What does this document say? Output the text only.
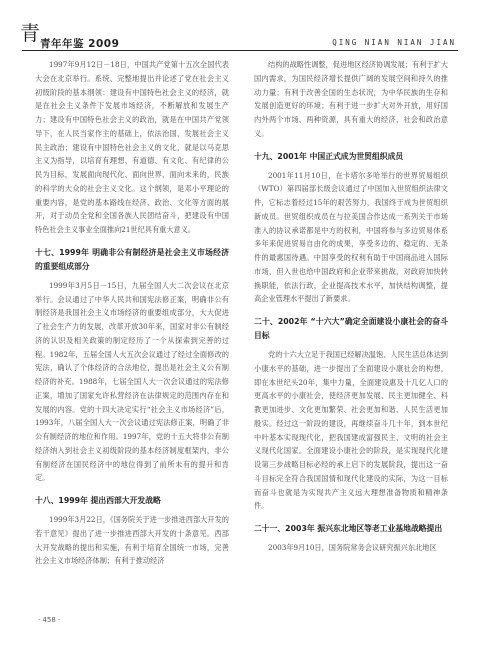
青 青年年鉴 2009	QING NIAN NIAN JIAN
1997年9月12日－18日，中国共产党第十五次全国代表大会在北京举行。系统、完整地提出并论述了党在社会主义初级阶段的基本纲领：建设有中国特色社会主义的经济，就是在社会主义条件下发展市场经济，不断解放和发展生产力；建设有中国特色社会主义的政治，就是在中国共产党领导下，在人民当家作主的基础上，依法治国，发展社会主义民主政治；建设有中国特色社会主义的文化，就是以马克思主义为指导，以培育有理想、有道德、有文化、有纪律的公民为目标，发展面向现代化、面向世界、面向未来的，民族的科学的大众的社会主义文化。这个纲领，是邓小平理论的重要内容，是党的基本路线在经济、政治、文化等方面的展开，对于动员全党和全国各族人民团结奋斗，把建设有中国特色社会主义事业全面推向21世纪具有重大意义。
十七、1999年 明确非公有制经济是社会主义市场经济的重要组成部分
1999年3月5日－15日，九届全国人大二次会议在北京举行。会议通过了中华人民共和国宪法修正案，明确非公有制经济是我国社会主义市场经济的重要组成部分，大大促进了社会生产力的发展，改革开放30年来，国家对非公有制经济的认识及相关政策的制定经历了一个从探索到完善的过程。1982年，五届全国人大五次会议通过了经过全面修改的宪法，确认了个体经济的合法地位，提出是社会主义公有制经济的补充。1988年，七届全国人大一次会议通过的宪法修正案，增加了国家允许私营经济在法律规定的范围内存在和发展的内容。党的十四大决定实行“社会主义市场经济”后，1993年，八届全国人大一次会议通过宪法修正案，明确了非公有制经济的地位和作用。1997年，党的十五大将非公有制经济纳入到社会主义初级阶段的基本经济制度框架内，非公有制经济在国民经济中的地位得到了前所未有的提升和肯定。
十八、1999年 提出西部大开发战略
1999年3月22日，《国务院关于进一步推进西部大开发的若干意见》提出了进一步推进西部大开发的十条意见。西部大开发战略的提出和实施，有利于培育全国统一市场，完善社会主义市场经济体制；有利于推动经济
结构的战略性调整，促进地区经济协调发展；有利于扩大国内需求，为国民经济增长提供广阔的发展空间和持久的推动力量；有利于改善全国的生态状况，为中华民族的生存和发展创造更好的环境；有利于进一步扩大对外开放，用好国内外两个市场、两种资源，具有重大的经济、社会和政治意义。
十九、2001年 中国正式成为世贸组织成员
2001年11月10日，在卡塔尔多哈举行的世界贸易组织（WTO）第四届部长级会议通过了中国加入世贸组织法律文件，它标志着经过15年的艰苦努力，我国终于成为世贸组织新成员。世贸组织成员在与拉美国合作达成一系列关于市场准入的协议承诺都是中方的权利，中国将参与多边贸易体系多年来促进贸易自由化的成果，享受多边的、稳定的、无条件的最惠国待遇。中国享受的权利有助于中国商品进入国际市场，但入世也给中国政府和企业带来挑战，对政府加快转换职能，依法行政，企业提高技术水平，加快结构调整，提高企业管理水平提出了新要求。
二十、2002年 “十六大”确定全面建设小康社会的奋斗目标
党的十六大立足于我国已经解决温饱、人民生活总体达到小康水平的基础，进一步提出了全面建设小康社会的构想，即在本世纪头20年，集中力量，全面建设惠及十几亿人口的更高水平的小康社会，使经济更加发展、民主更加健全、科教更加进步、文化更加繁荣、社会更加和谐、人民生活更加殷实。经过这一阶段的建设，再继续奋斗几十年，到本世纪中叶基本实现现代化，把我国建成富强民主、文明的社会主义现代化国家。全面建设小康社会的阶段，是实现现代化建设第三步战略目标必经的承上启下的发展阶段，提出这一奋斗目标完全符合我国国情和现代化建设的实际，为这一目标而奋斗也就是为实现共产主义远大理想准备物质和精神条件。
二十一、2003年 振兴东北地区等老工业基地战略提出
2003年9月10日，国务院常务会议研究振兴东北地区
· 458 ·
